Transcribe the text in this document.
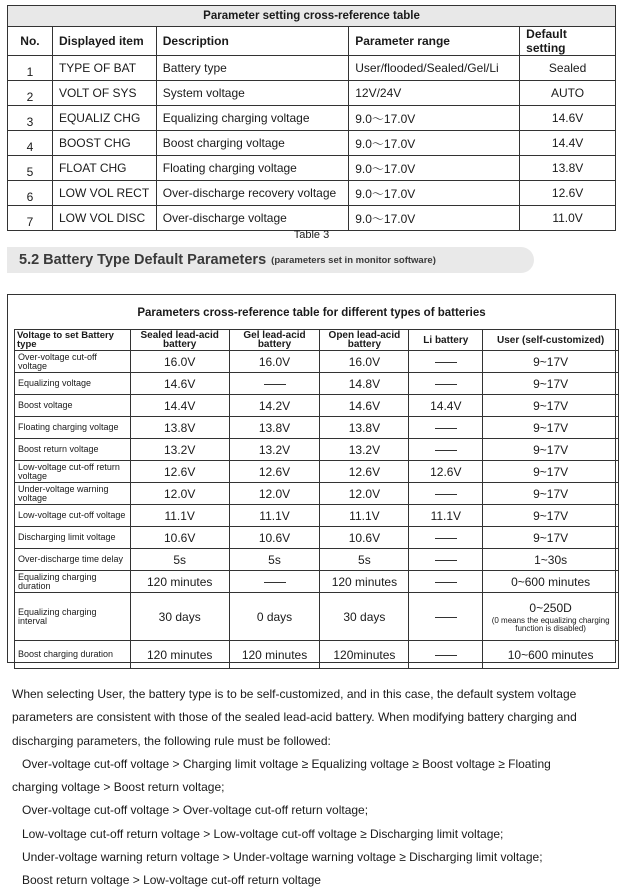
Parameter setting cross-reference table				
No.	Displayed item	Description	Parameter range	Default setting
1	TYPE OF BAT	Battery type	User/flooded/Sealed/Gel/Li	Sealed
2	VOLT OF SYS	System voltage	12V/24V	AUTO
3	EQUALIZ CHG	Equalizing charging voltage	9.0～17.0V	14.6V
4	BOOST CHG	Boost charging voltage	9.0～17.0V	14.4V
5	FLOAT CHG	Floating charging voltage	9.0～17.0V	13.8V
6	LOW VOL RECT	Over-discharge recovery voltage	9.0～17.0V	12.6V
7	LOW VOL DISC	Over-discharge voltage	9.0～17.0V	11.0V
Table 3
5.2 Battery Type Default Parameters (parameters set in monitor software)
Parameters cross-reference table for different types of batteries
Voltage to set Battery type	Sealed lead-acid battery	Gel lead-acid battery	Open lead-acid battery	Li battery	User (self-customized)
Over-voltage cut-off voltage	16.0V	16.0V	16.0V		9~17V
Equalizing voltage	14.6V		14.8V		9~17V
Boost voltage	14.4V	14.2V	14.6V	14.4V	9~17V
Floating charging voltage	13.8V	13.8V	13.8V		9~17V
Boost return voltage	13.2V	13.2V	13.2V		9~17V
Low-voltage cut-off return voltage	12.6V	12.6V	12.6V	12.6V	9~17V
Under-voltage warning voltage	12.0V	12.0V	12.0V		9~17V
Low-voltage cut-off voltage	11.1V	11.1V	11.1V	11.1V	9~17V
Discharging limit voltage	10.6V	10.6V	10.6V		9~17V
Over-discharge time delay	5s	5s	5s		1~30s
Equalizing charging duration	120 minutes		120 minutes		0~600 minutes
Equalizing charging interval	30 days	0 days	30 days		0~250D
(0 means the equalizing charging function is disabled)

Boost charging duration	120 minutes	120 minutes	120minutes		10~600 minutes
When selecting User, the battery type is to be self-customized, and in this case, the default system voltage
parameters are consistent with those of the sealed lead-acid battery. When modifying battery charging and
discharging parameters, the following rule must be followed:
Over-voltage cut-off voltage > Charging limit voltage ≥ Equalizing voltage ≥ Boost voltage ≥ Floating
charging voltage > Boost return voltage;
Over-voltage cut-off voltage > Over-voltage cut-off return voltage;
Low-voltage cut-off return voltage > Low-voltage cut-off voltage ≥ Discharging limit voltage;
Under-voltage warning return voltage > Under-voltage warning voltage ≥ Discharging limit voltage;
Boost return voltage > Low-voltage cut-off return voltage
